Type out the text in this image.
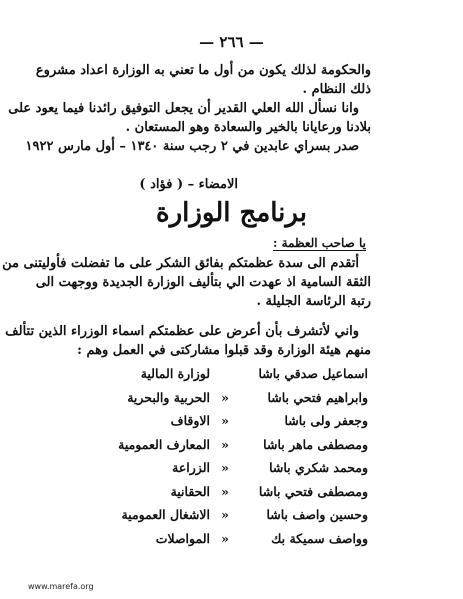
— ٢٦٦ —
والحكومة لذلك يكون من أول ما تعني به الوزارة اعداد مشروع
ذلك النظام .
وانا نسأل الله العلي القدير أن يجعل التوفيق رائدنا فيما يعود على
بلادنا ورعايانا بالخير والسعادة وهو المستعان .
صدر بسراي عابدين في ٢ رجب سنة ١٣٤٠ – أول مارس ١٩٢٢
الامضاء – ( فؤاد )
برنامج الوزارة
يا صاحب العظمة :
أتقدم الى سدة عظمتكم بفائق الشكر على ما تفضلت فأوليتنى من
الثقة السامية اذ عهدت الي بتأليف الوزارة الجديدة ووجهت الى
رتبة الرئاسة الجليلة .
واني لأتشرف بأن أعرض على عظمتكم اسماء الوزراء الذين تتألف
منهم هيئة الوزارة وقد قبلوا مشاركتى في العمل وهم :
اسماعيل صدقي باشا		لوزارة المالية
وابراهيم فتحي باشا	«	الحربية والبحرية
وجعفر ولى باشا	«	الاوقاف
ومصطفى ماهر باشا	«	المعارف العمومية
ومحمد شكري باشا	«	الزراعة
ومصطفى فتحي باشا	«	الحقانية
وحسين واصف باشا	«	الاشغال العمومية
وواصف سميكة بك	«	المواصلات
www.marefa.org
